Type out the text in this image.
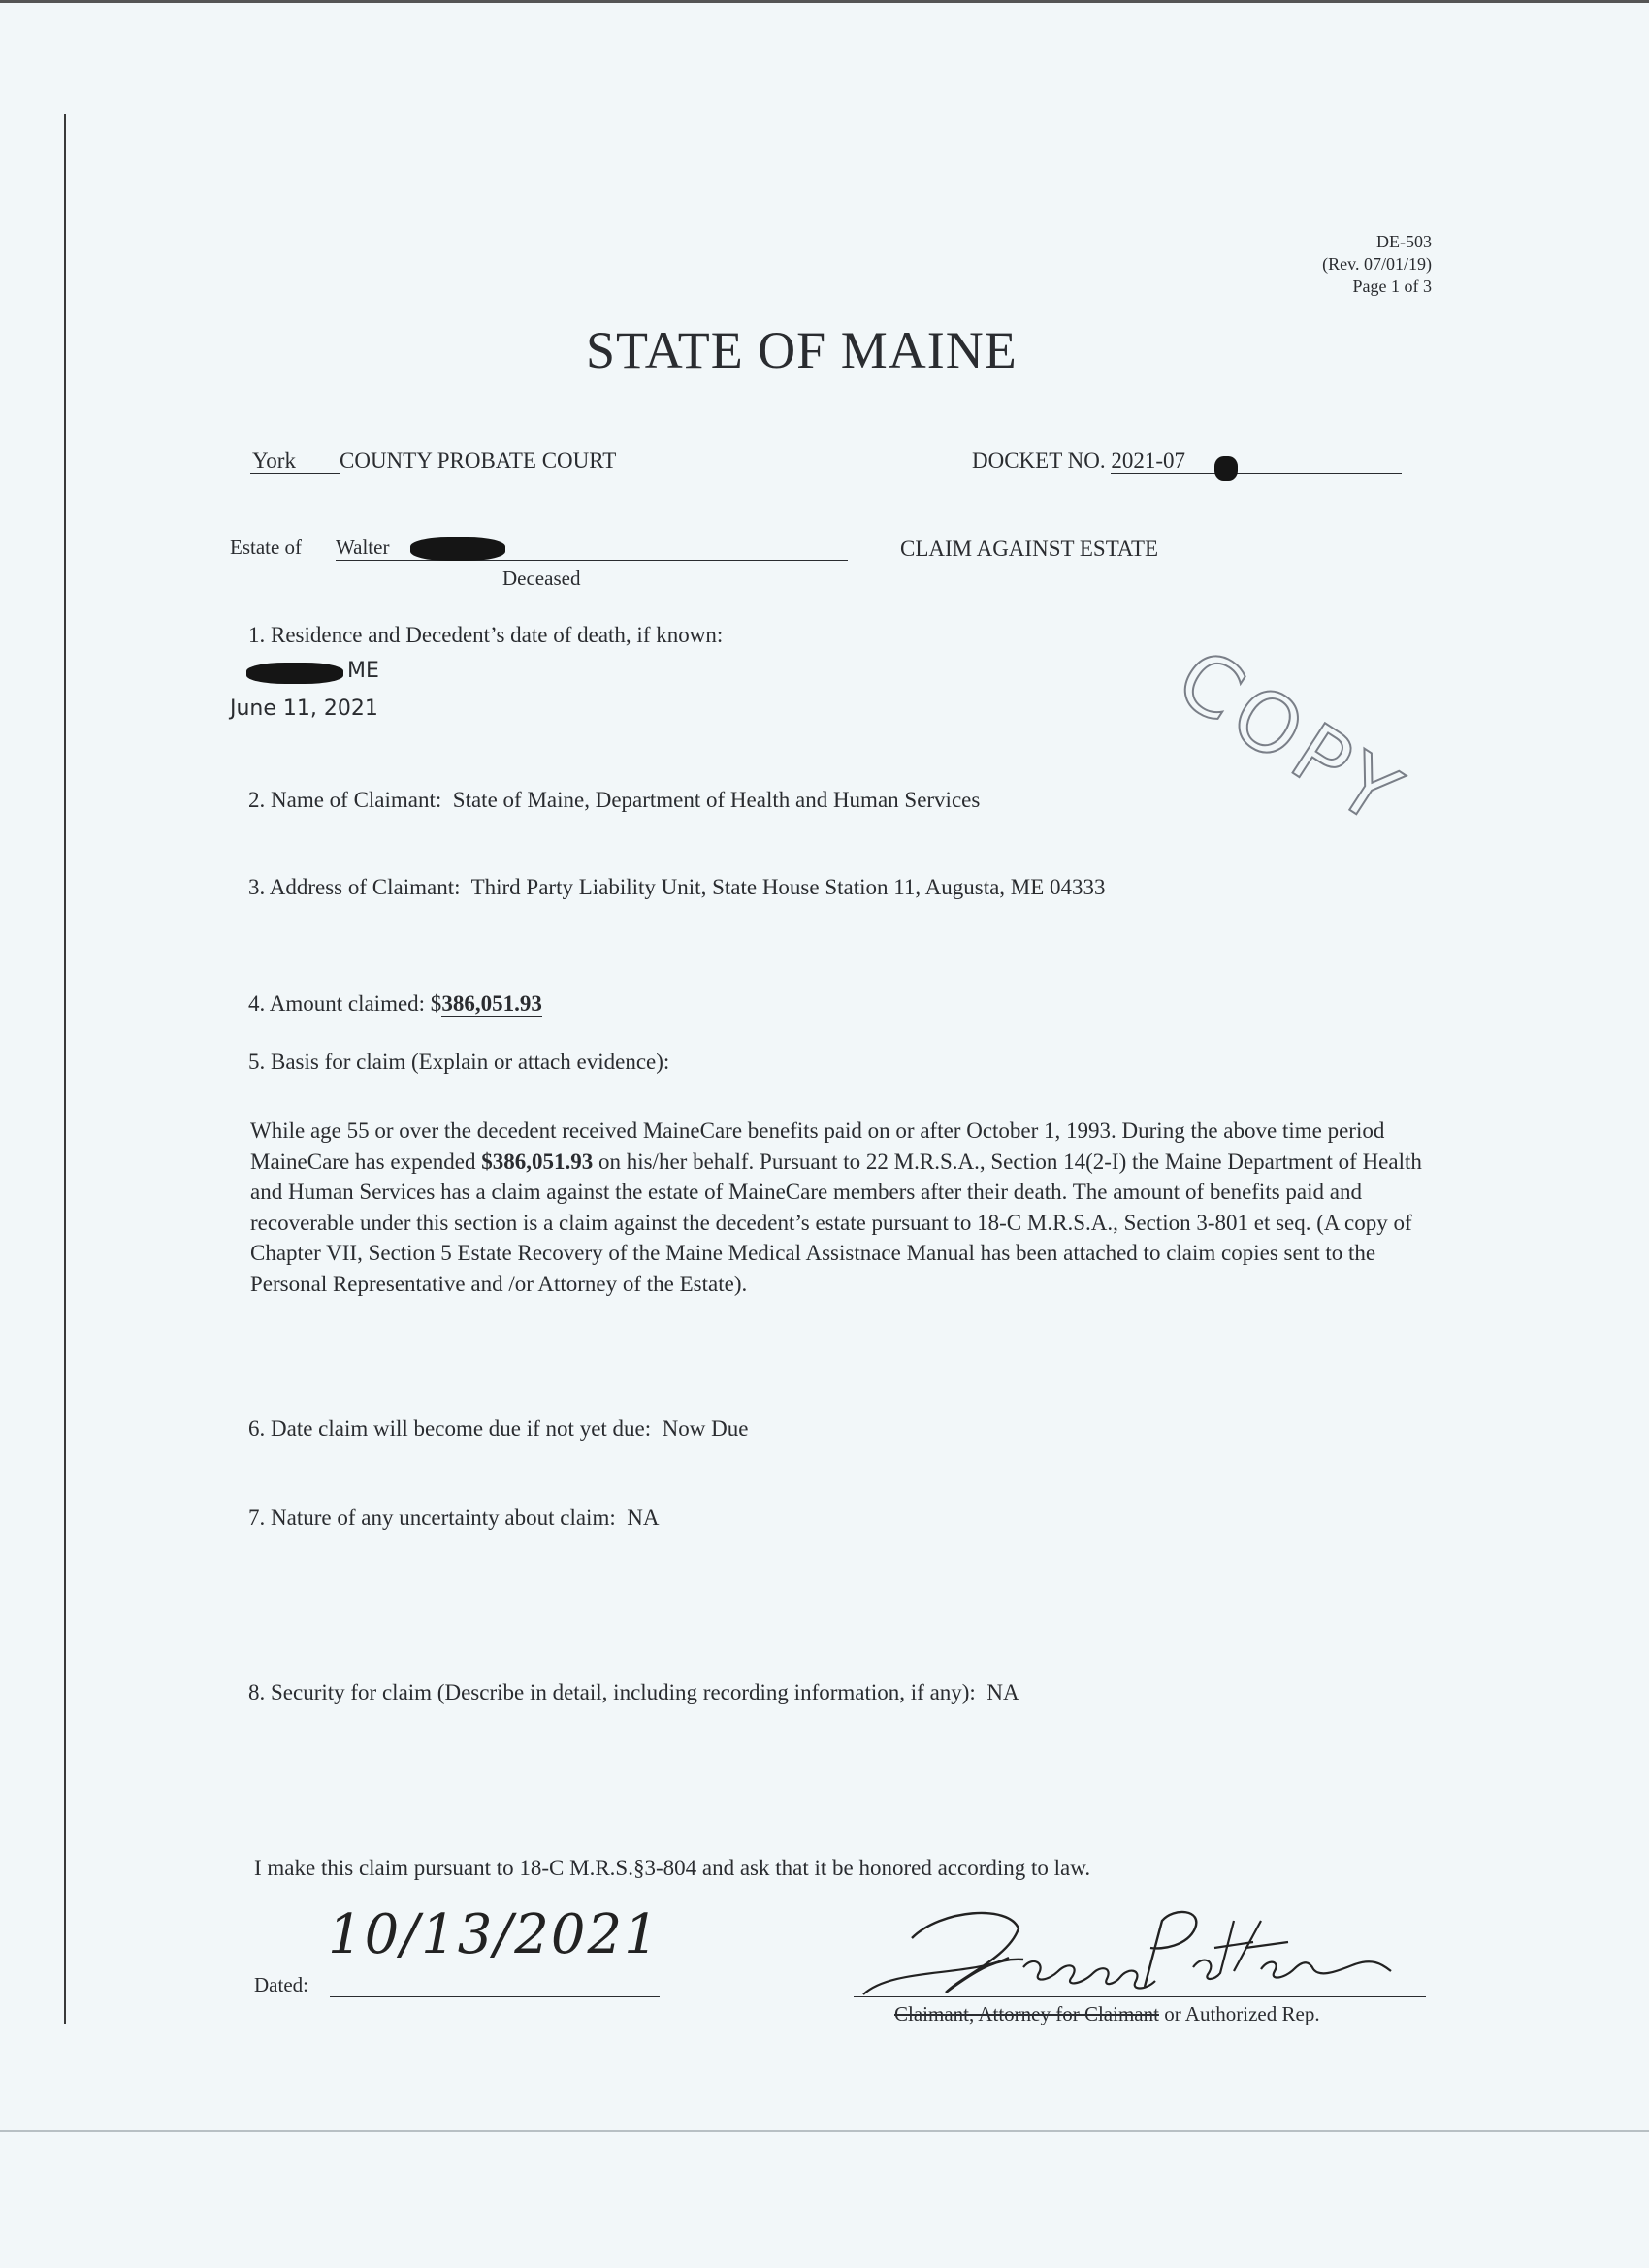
DE-503
(Rev. 07/01/19)
Page 1 of 3
STATE OF MAINE
York COUNTY PROBATE COURT	DOCKET NO. 2021-07
Estate of Walter
Deceased
CLAIM AGAINST ESTATE
COPY
1. Residence and Decedent’s date of death, if known:
ME
June 11, 2021
2. Name of Claimant: State of Maine, Department of Health and Human Services
3. Address of Claimant: Third Party Liability Unit, State House Station 11, Augusta, ME 04333
4. Amount claimed: $386,051.93
5. Basis for claim (Explain or attach evidence):
While age 55 or over the decedent received MaineCare benefits paid on or after October 1, 1993. During the above time period MaineCare has expended $386,051.93 on his/her behalf. Pursuant to 22 M.R.S.A., Section 14(2-I) the Maine Department of Health and Human Services has a claim against the estate of MaineCare members after their death. The amount of benefits paid and recoverable under this section is a claim against the decedent’s estate pursuant to 18-C M.R.S.A., Section 3-801 et seq. (A copy of Chapter VII, Section 5 Estate Recovery of the Maine Medical Assistnace Manual has been attached to claim copies sent to the Personal Representative and /or Attorney of the Estate).
6. Date claim will become due if not yet due: Now Due
7. Nature of any uncertainty about claim: NA
8. Security for claim (Describe in detail, including recording information, if any): NA
I make this claim pursuant to 18-C M.R.S.§3-804 and ask that it be honored according to law.
Dated:
10/13/2021
Claimant, Attorney for Claimant or Authorized Rep.
